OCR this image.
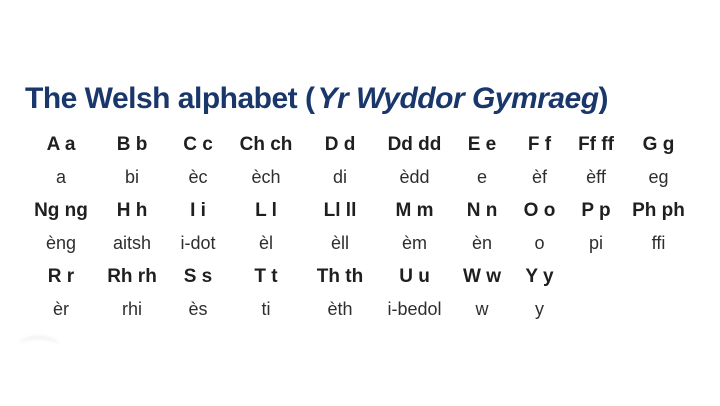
The Welsh alphabet ( Yr Wyddor Gymraeg)
A a
a
B b
bi
C c
èc
Ch ch
èch
D d
di
Dd dd
èdd
E e
e
F f
èf
Ff ff
èff
G g
eg
Ng ng
èng
H h
aitsh
I i
i-dot
L l
èl
Ll ll
èll
M m
èm
N n
èn
O o
o
P p
pi
Ph ph
ffi
R r
èr
Rh rh
rhi
S s
ès
T t
ti
Th th
èth
U u
i-bedol
W w
w
Y y
y
